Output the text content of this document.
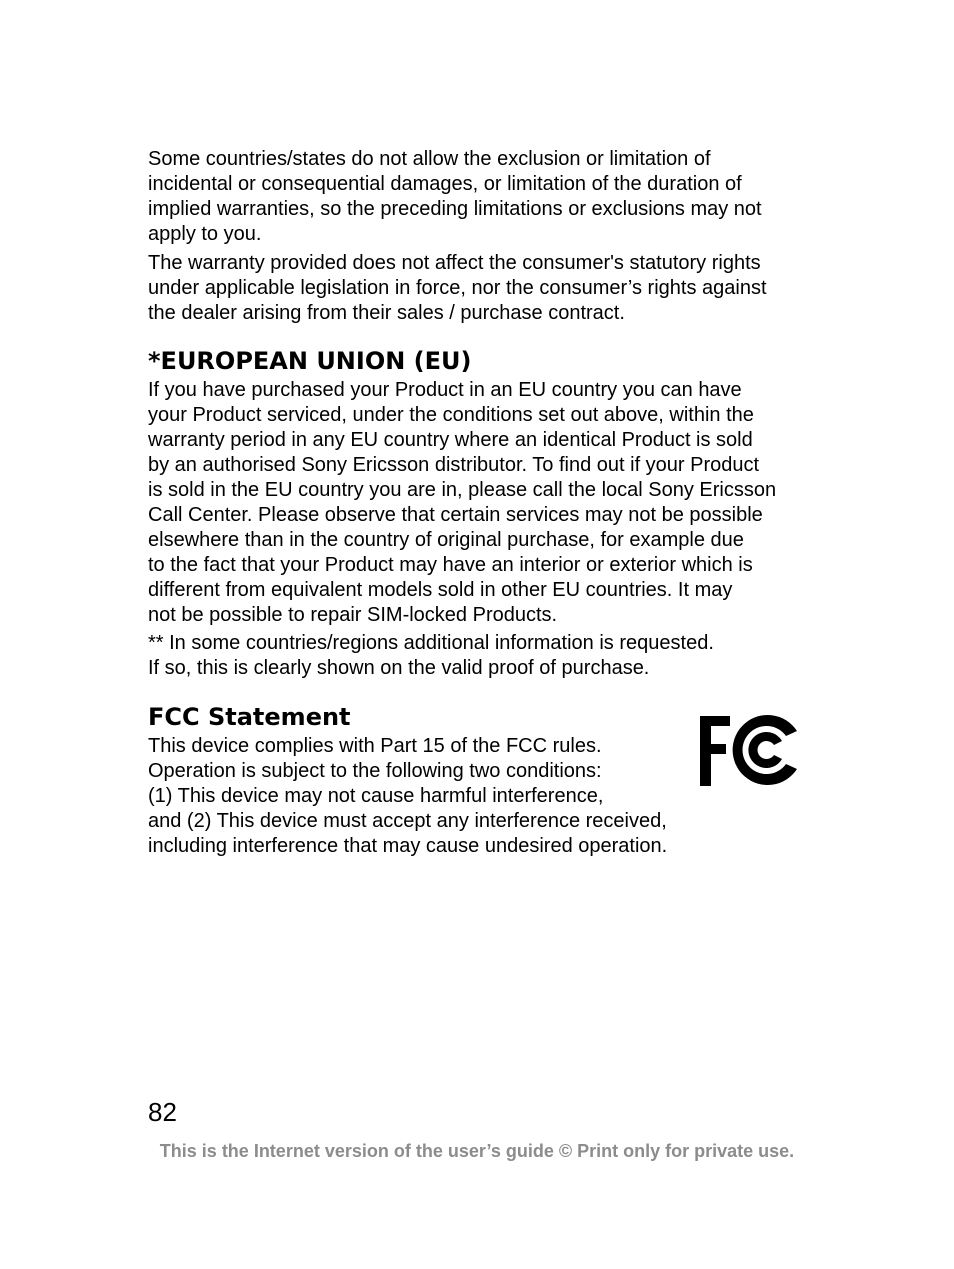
Some countries/states do not allow the exclusion or limitation of
incidental or consequential damages, or limitation of the duration of
implied warranties, so the preceding limitations or exclusions may not
apply to you.

The warranty provided does not affect the consumer's statutory rights
under applicable legislation in force, nor the consumer’s rights against
the dealer arising from their sales / purchase contract.

*EUROPEAN UNION (EU)

If you have purchased your Product in an EU country you can have
your Product serviced, under the conditions set out above, within the
warranty period in any EU country where an identical Product is sold
by an authorised Sony Ericsson distributor. To find out if your Product
is sold in the EU country you are in, please call the local Sony Ericsson
Call Center. Please observe that certain services may not be possible
elsewhere than in the country of original purchase, for example due
to the fact that your Product may have an interior or exterior which is
different from equivalent models sold in other EU countries. It may
not be possible to repair SIM-locked Products.

** In some countries/regions additional information is requested.
If so, this is clearly shown on the valid proof of purchase.

FCC Statement

This device complies with Part 15 of the FCC rules.
Operation is subject to the following two conditions:
(1) This device may not cause harmful interference,
and (2) This device must accept any interference received,
including interference that may cause undesired operation.

82

This is the Internet version of the user’s guide © Print only for private use.
